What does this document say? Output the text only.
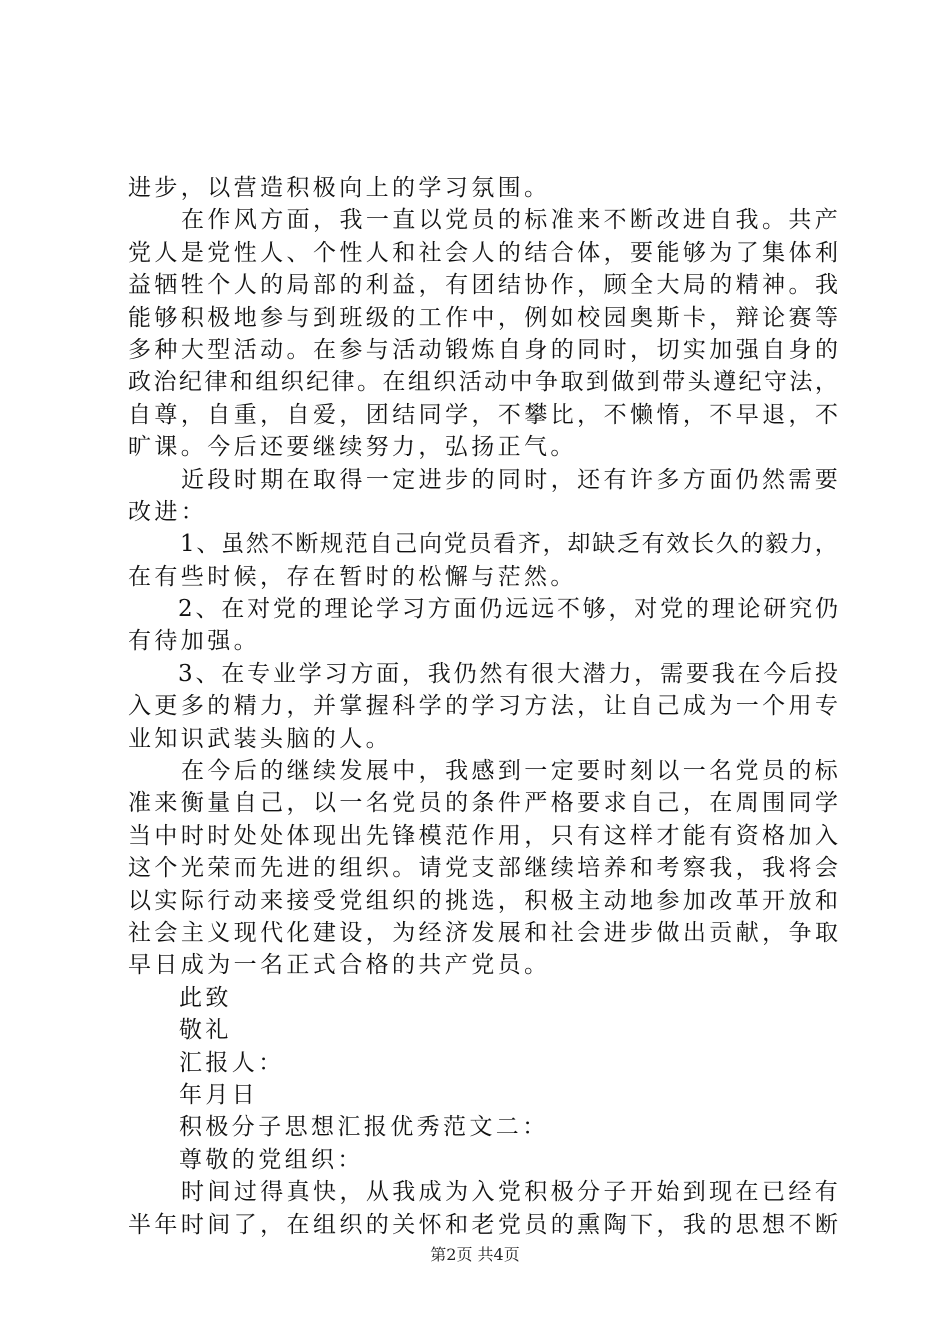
进步，以营造积极向上的学习氛围。
在 作 风 方 面 ， 我 一 直 以 党 员 的 标 准 来 不 断 改 进 自 我 。 共 产
党 人 是 党 性 人 、 个 性 人 和 社 会 人 的 结 合 体 ， 要 能 够 为 了 集 体 利
益 牺 牲 个 人 的 局 部 的 利 益 ， 有 团 结 协 作 ， 顾 全 大 局 的 精 神 。 我
能 够 积 极 地 参 与 到 班 级 的 工 作 中 ， 例 如 校 园 奥 斯 卡 ， 辩 论 赛 等
多 种 大 型 活 动 。 在 参 与 活 动 锻 炼 自 身 的 同 时 ， 切 实 加 强 自 身 的
政 治 纪 律 和 组 织 纪 律 。 在 组 织 活 动 中 争 取 到 做 到 带 头 遵 纪 守 法 ，
自 尊 ， 自 重 ， 自 爱 ， 团 结 同 学 ， 不 攀 比 ， 不 懒 惰 ， 不 早 退 ， 不
旷课。今后还要继续努力，弘扬正气。
近 段 时 期 在 取 得 一 定 进 步 的 同 时 ， 还 有 许 多 方 面 仍 然 需 要
改进：
1 、 虽 然 不 断 规 范 自 己 向 党 员 看 齐 ， 却 缺 乏 有 效 长 久 的 毅 力 ，
在有些时候，存在暂时的松懈与茫然。
2 、 在 对 党 的 理 论 学 习 方 面 仍 远 远 不 够 ， 对 党 的 理 论 研 究 仍
有待加强。
3 、 在 专 业 学 习 方 面 ， 我 仍 然 有 很 大 潜 力 ， 需 要 我 在 今 后 投
入 更 多 的 精 力 ， 并 掌 握 科 学 的 学 习 方 法 ， 让 自 己 成 为 一 个 用 专
业知识武装头脑的人。
在 今 后 的 继 续 发 展 中 ， 我 感 到 一 定 要 时 刻 以 一 名 党 员 的 标
准 来 衡 量 自 己 ， 以 一 名 党 员 的 条 件 严 格 要 求 自 己 ， 在 周 围 同 学
当 中 时 时 处 处 体 现 出 先 锋 模 范 作 用 ， 只 有 这 样 才 能 有 资 格 加 入
这 个 光 荣 而 先 进 的 组 织 。 请 党 支 部 继 续 培 养 和 考 察 我 ， 我 将 会
以 实 际 行 动 来 接 受 党 组 织 的 挑 选 ， 积 极 主 动 地 参 加 改 革 开 放 和
社 会 主 义 现 代 化 建 设 ， 为 经 济 发 展 和 社 会 进 步 做 出 贡 献 ， 争 取
早日成为一名正式合格的共产党员。
此致
敬礼
汇报人：
年月日
积极分子思想汇报优秀范文二：
尊敬的党组织：
时 间 过 得 真 快 ， 从 我 成 为 入 党 积 极 分 子 开 始 到 现 在 已 经 有
半 年 时 间 了 ， 在 组 织 的 关 怀 和 老 党 员 的 熏 陶 下 ， 我 的 思 想 不 断
第2页 共4页
